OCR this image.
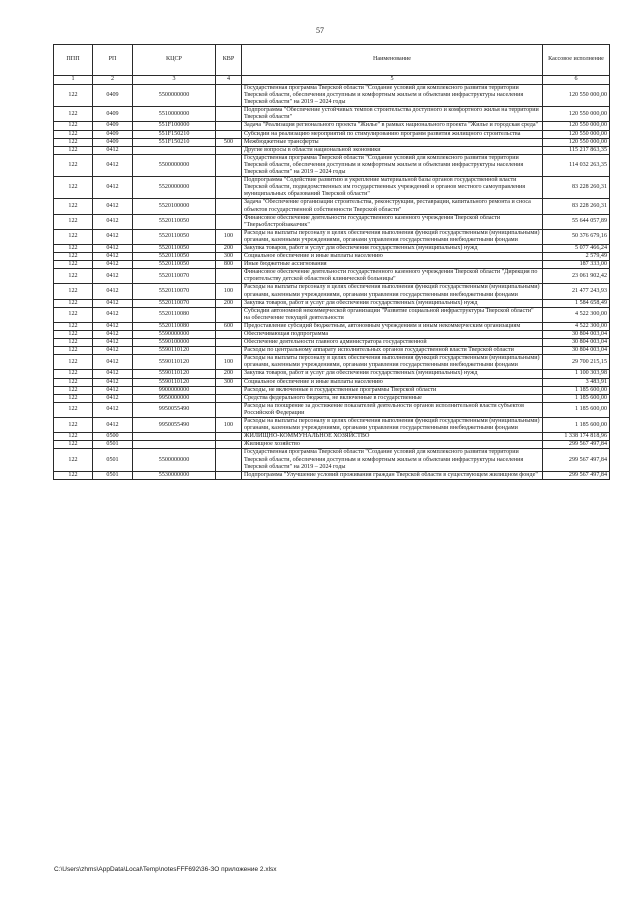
57
ППП	РП	КЦСР	КВР	Наименование	Кассовое исполнение
1	2	3	4	5	6
122	0409	5500000000		Государственная программа Тверской области "Создание условий для комплексного развития территории Тверской области, обеспечения доступным и комфортным жильем и объектами инфраструктуры населения Тверской области" на 2019 – 2024 годы	120 550 000,00
122	0409	5510000000		Подпрограмма "Обеспечение устойчивых темпов строительства доступного и комфортного жилья на территории Тверской области"	120 550 000,00
122	0409	551F100000		Задача "Реализация регионального проекта "Жилье" в рамках национального проекта "Жилье и городская среда"	120 550 000,00
122	0409	551F150210		Субсидии на реализацию мероприятий по стимулированию программ развития жилищного строительства	120 550 000,00
122	0409	551F150210	500	Межбюджетные трансферты	120 550 000,00
122	0412			Другие вопросы в области национальной экономики	115 217 863,35
122	0412	5500000000		Государственная программа Тверской области "Создание условий для комплексного развития территории Тверской области, обеспечения доступным и комфортным жильем и объектами инфраструктуры населения Тверской области" на 2019 – 2024 годы	114 032 263,35
122	0412	5520000000		Подпрограмма "Содействие развитию и укрепление материальной базы органов государственной власти Тверской области, подведомственных им государственных учреждений и органов местного самоуправления муниципальных образований Тверской области"	83 228 260,31
122	0412	5520100000		Задача "Обеспечение организации строительства, реконструкции, реставрации, капитального ремонта и сноса объектов государственной собственности Тверской области"	83 228 260,31
122	0412	5520110050		Финансовое обеспечение деятельности государственного казенного учреждения Тверской области "Тверьоблстройзаказчик"	55 644 057,89
122	0412	5520110050	100	Расходы на выплаты персоналу в целях обеспечения выполнения функций государственными (муниципальными) органами, казенными учреждениями, органами управления государственными внебюджетными фондами	50 376 679,16
122	0412	5520110050	200	Закупка товаров, работ и услуг для обеспечения государственных (муниципальных) нужд	5 077 466,24
122	0412	5520110050	300	Социальное обеспечение и иные выплаты населению	2 579,49
122	0412	5520110050	800	Иные бюджетные ассигнования	187 333,00
122	0412	5520110070		Финансовое обеспечение деятельности государственного казенного учреждения Тверской области "Дирекция по строительству детской областной клинической больницы"	23 061 902,42
122	0412	5520110070	100	Расходы на выплаты персоналу в целях обеспечения выполнения функций государственными (муниципальными) органами, казенными учреждениями, органами управления государственными внебюджетными фондами	21 477 243,93
122	0412	5520110070	200	Закупка товаров, работ и услуг для обеспечения государственных (муниципальных) нужд	1 584 658,49
122	0412	5520110080		Субсидии автономной некоммерческой организации "Развитие социальной инфраструктуры Тверской области" на обеспечение текущей деятельности	4 522 300,00
122	0412	5520110080	600	Предоставление субсидий бюджетным, автономным учреждениям и иным некоммерческим организациям	4 522 300,00
122	0412	5590000000		Обеспечивающая подпрограмма	30 804 003,04
122	0412	5590100000		Обеспечение деятельности главного администратора государственной	30 804 003,04
122	0412	5590110120		Расходы по центральному аппарату исполнительных органов государственной власти Тверской области	30 804 003,04
122	0412	5590110120	100	Расходы на выплаты персоналу в целях обеспечения выполнения функций государственными (муниципальными) органами, казенными учреждениями, органами управления государственными внебюджетными фондами	29 700 215,15
122	0412	5590110120	200	Закупка товаров, работ и услуг для обеспечения государственных (муниципальных) нужд	1 100 303,98
122	0412	5590110120	300	Социальное обеспечение и иные выплаты населению	3 483,91
122	0412	9900000000		Расходы, не включенные в государственные программы Тверской области	1 185 600,00
122	0412	9950000000		Средства федерального бюджета, не включенные в государственные	1 185 600,00
122	0412	9950055490		Расходы на поощрение за достижение показателей деятельности органов исполнительной власти субъектов Российской Федерации	1 185 600,00
122	0412	9950055490	100	Расходы на выплаты персоналу в целях обеспечения выполнения функций государственными (муниципальными) органами, казенными учреждениями, органами управления государственными внебюджетными фондами	1 185 600,00
122	0500			ЖИЛИЩНО-КОММУНАЛЬНОЕ ХОЗЯЙСТВО	1 338 174 818,96
122	0501			Жилищное хозяйство	299 567 497,84
122	0501	5500000000		Государственная программа Тверской области "Создание условий для комплексного развития территории Тверской области, обеспечения доступным и комфортным жильем и объектами инфраструктуры населения Тверской области" на 2019 – 2024 годы	299 567 497,84
122	0501	5530000000		Подпрограмма "Улучшение условий проживания граждан Тверской области в существующем жилищном фонде"	299 567 497,84
C:\Users\zhms\AppData\Local\Temp\notesFFF692\36-ЗО приложение 2.xlsx
